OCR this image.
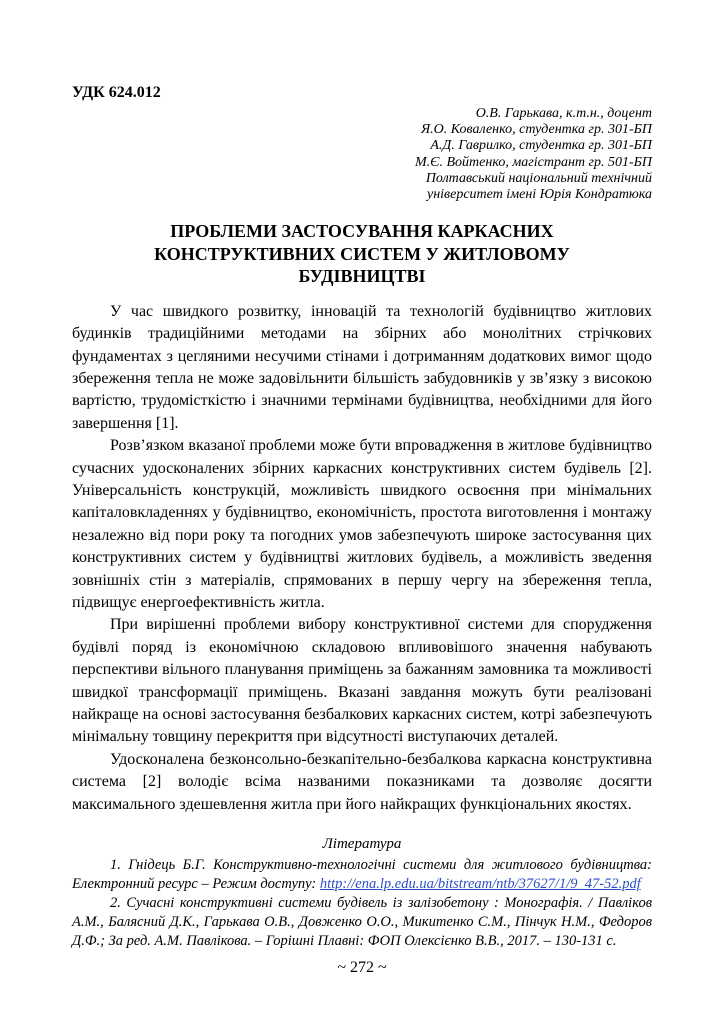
УДК 624.012
О.В. Гарькава, к.т.н., доцент
Я.О. Коваленко, студентка гр. 301-БП
А.Д. Гаврилко, студентка гр. 301-БП
М.Є. Войтенко, магістрант гр. 501-БП
Полтавський національний технічний
університет імені Юрія Кондратюка
ПРОБЛЕМИ ЗАСТОСУВАННЯ КАРКАСНИХ КОНСТРУКТИВНИХ СИСТЕМ У ЖИТЛОВОМУ БУДІВНИЦТВІ

У час швидкого розвитку, інновацій та технологій будівництво житлових будинків традиційними методами на збірних або монолітних стрічкових фундаментах з цегляними несучими стінами і дотриманням додаткових вимог щодо збереження тепла не може задовільнити більшість забудовників у зв’язку з високою вартістю, трудомісткістю і значними термінами будівництва, необхідними для його завершення [1].

Розв’язком вказаної проблеми може бути впровадження в житлове будівництво сучасних удосконалених збірних каркасних конструктивних систем будівель [2]. Універсальність конструкцій, можливість швидкого освоєння при мінімальних капіталовкладеннях у будівництво, економічність, простота виготовлення і монтажу незалежно від пори року та погодних умов забезпечують широке застосування цих конструктивних систем у будівництві житлових будівель, а можливість зведення зовнішніх стін з матеріалів, спрямованих в першу чергу на збереження тепла, підвищує енергоефективність житла.

При вирішенні проблеми вибору конструктивної системи для спорудження будівлі поряд із економічною складовою впливовішого значення набувають перспективи вільного планування приміщень за бажанням замовника та можливості швидкої трансформації приміщень. Вказані завдання можуть бути реалізовані найкраще на основі застосування безбалкових каркасних систем, котрі забезпечують мінімальну товщину перекриття при відсутності виступаючих деталей.

Удосконалена безконсольно-безкапітельно-безбалкова каркасна конструктивна система [2] володіє всіма названими показниками та дозволяє досягти максимального здешевлення житла при його найкращих функціональних якостях.

Література

1. Гнідець Б.Г. Конструктивно-технологічні системи для житлового будівництва: Електронний ресурс – Режим доступу: http://ena.lp.edu.ua/bitstream/ntb/37627/1/9_47-52.pdf

2. Сучасні конструктивні системи будівель із залізобетону : Монографія. / Павліков А.М., Балясний Д.К., Гарькава О.В., Довженко О.О., Микитенко С.М., Пінчук Н.М., Федоров Д.Ф.; За ред. А.М. Павлікова. – Горішні Плавні: ФОП Олексієнко В.В., 2017. – 130-131 с.

~ 272 ~
